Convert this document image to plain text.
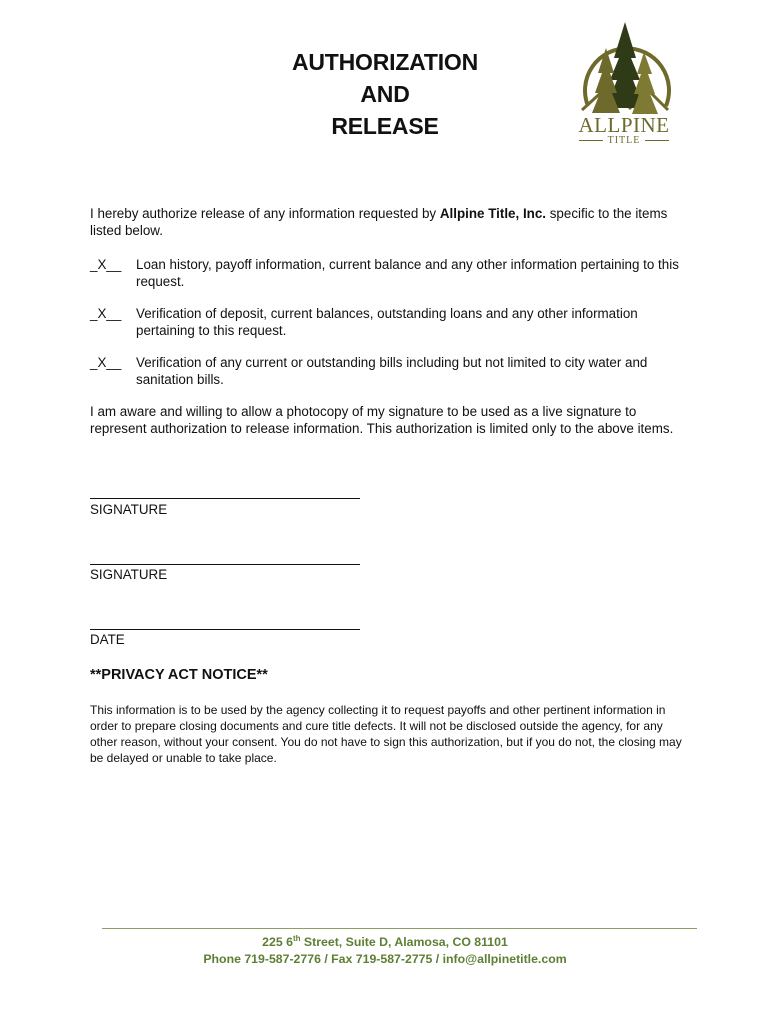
AUTHORIZATION
AND
RELEASE	ALLPINE
TITLE
I hereby authorize release of any information requested by Allpine Title, Inc. specific to the items listed below.
_X__ Loan history, payoff information, current balance and any other information pertaining to this request.
_X__ Verification of deposit, current balances, outstanding loans and any other information pertaining to this request.
_X__ Verification of any current or outstanding bills including but not limited to city water and sanitation bills.
I am aware and willing to allow a photocopy of my signature to be used as a live signature to represent authorization to release information. This authorization is limited only to the above items.
SIGNATURE
SIGNATURE
DATE
**PRIVACY ACT NOTICE**
This information is to be used by the agency collecting it to request payoffs and other pertinent information in order to prepare closing documents and cure title defects. It will not be disclosed outside the agency, for any other reason, without your consent. You do not have to sign this authorization, but if you do not, the closing may be delayed or unable to take place.
225 6th Street, Suite D, Alamosa, CO 81101
Phone 719-587-2776 / Fax 719-587-2775 / info@allpinetitle.com
